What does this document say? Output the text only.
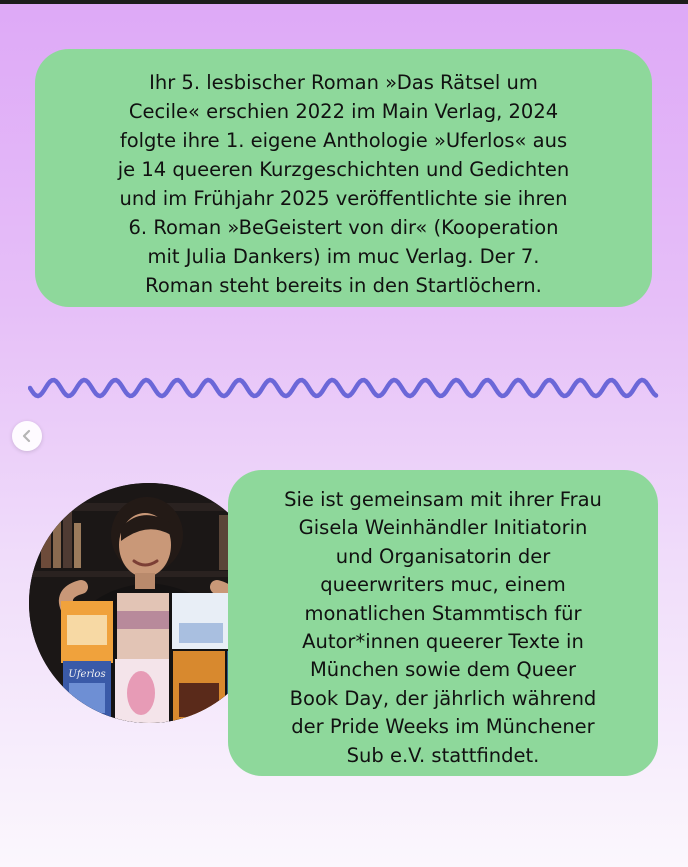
Ihr 5. lesbischer Roman »Das Rätsel um
Cecile« erschien 2022 im Main Verlag, 2024
folgte ihre 1. eigene Anthologie »Uferlos« aus
je 14 queeren Kurzgeschichten und Gedichten
und im Frühjahr 2025 veröffentlichte sie ihren
6. Roman »BeGeistert von dir« (Kooperation
mit Julia Dankers) im muc Verlag. Der 7.
Roman steht bereits in den Startlöchern.
Uferlos
Sie ist gemeinsam mit ihrer Frau
Gisela Weinhändler Initiatorin
und Organisatorin der
queerwriters muc, einem
monatlichen Stammtisch für
Autor*innen queerer Texte in
München sowie dem Queer
Book Day, der jährlich während
der Pride Weeks im Münchener
Sub e.V. stattfindet.
